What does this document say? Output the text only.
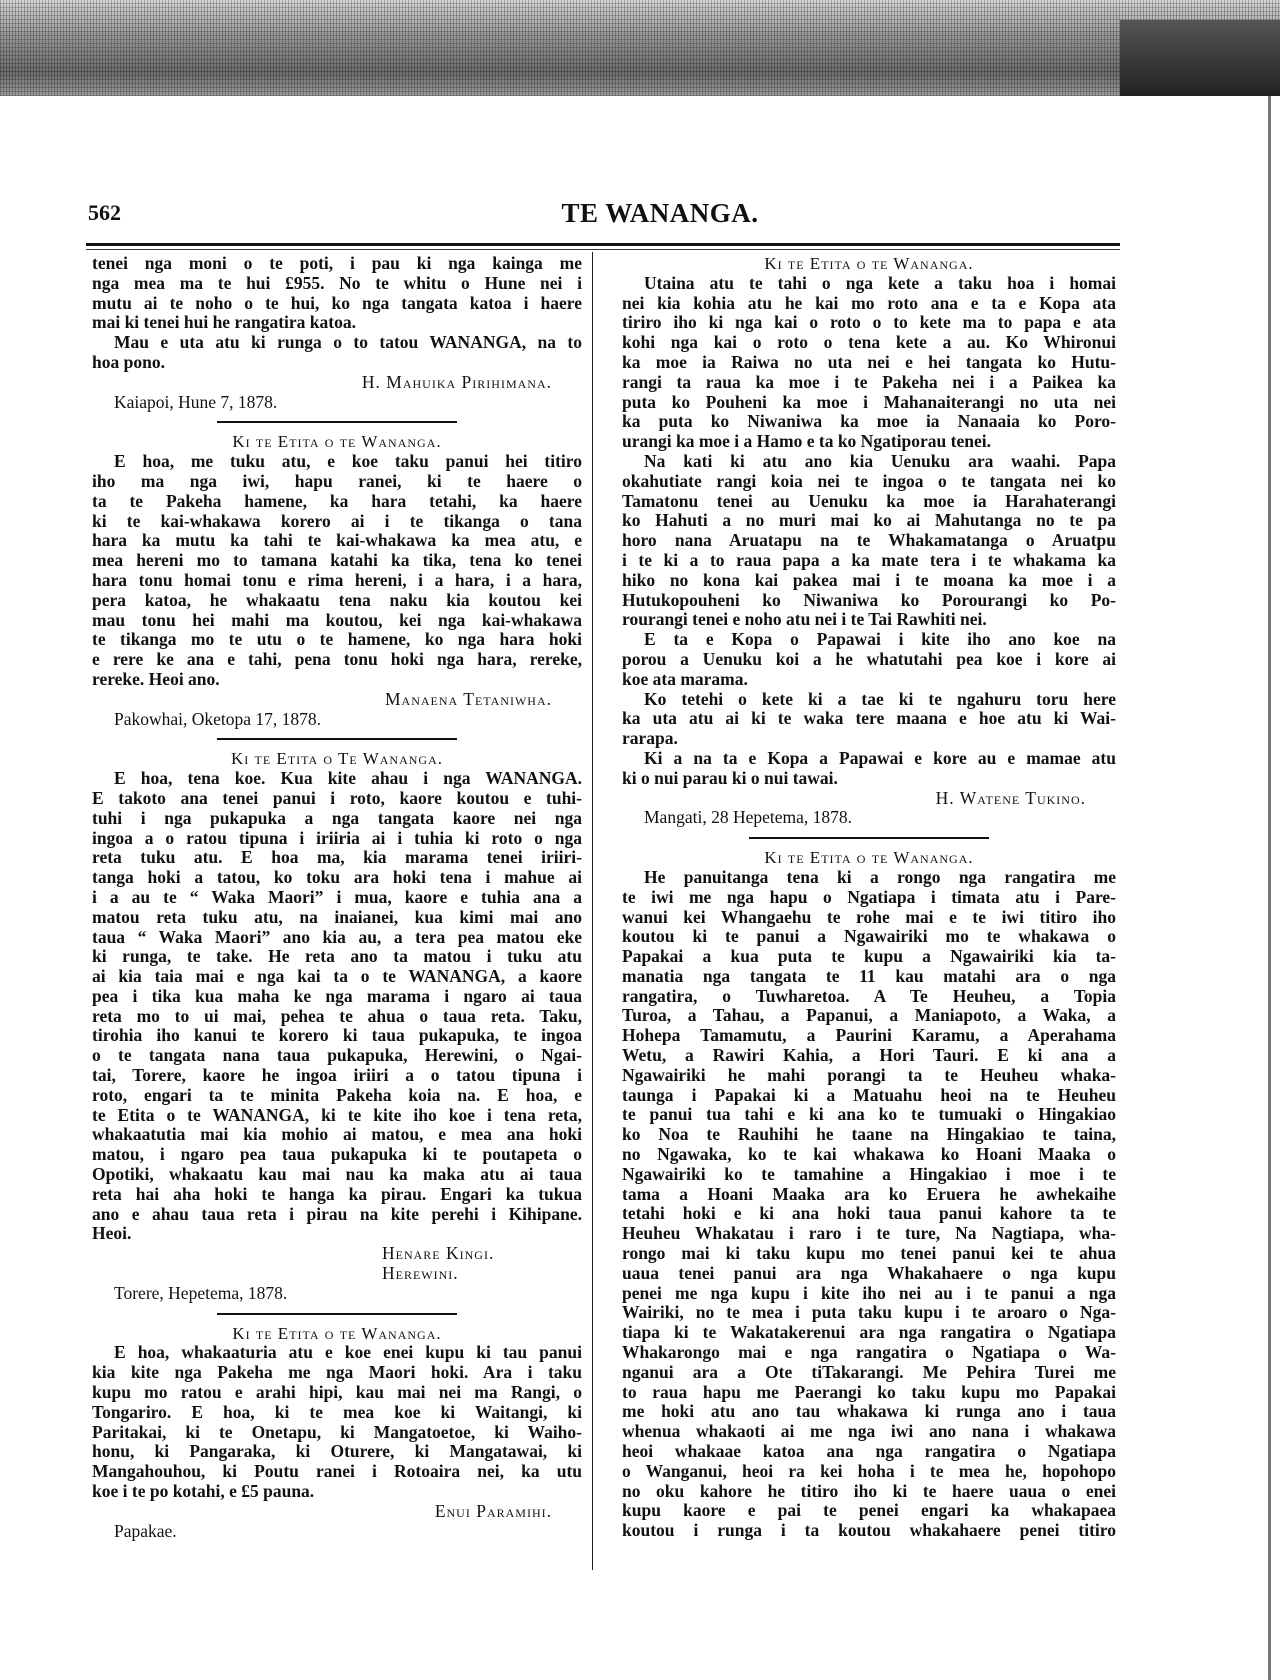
562	TE WANANGA.
tenei nga moni o te poti, i pau ki nga kainga me
nga mea ma te hui £955. No te whitu o Hune nei i
mutu ai te noho o te hui, ko nga tangata katoa i haere
mai ki tenei hui he rangatira katoa.
Mau e uta atu ki runga o to tatou WANANGA, na to
hoa pono.
H. Mahuika Pirihimana.
Kaiapoi, Hune 7, 1878.
Ki te Etita o te Wananga.
E hoa, me tuku atu, e koe taku panui hei titiro
iho ma nga iwi, hapu ranei, ki te haere o
ta te Pakeha hamene, ka hara tetahi, ka haere
ki te kai-whakawa korero ai i te tikanga o tana
hara ka mutu ka tahi te kai-whakawa ka mea atu, e
mea hereni mo to tamana katahi ka tika, tena ko tenei
hara tonu homai tonu e rima hereni, i a hara, i a hara,
pera katoa, he whakaatu tena naku kia koutou kei
mau tonu hei mahi ma koutou, kei nga kai-whakawa
te tikanga mo te utu o te hamene, ko nga hara hoki
e rere ke ana e tahi, pena tonu hoki nga hara, rereke,
rereke. Heoi ano.
Manaena Tetaniwha.
Pakowhai, Oketopa 17, 1878.
Ki te Etita o Te Wananga.
E hoa, tena koe. Kua kite ahau i nga WANANGA.
E takoto ana tenei panui i roto, kaore koutou e tuhi-
tuhi i nga pukapuka a nga tangata kaore nei nga
ingoa a o ratou tipuna i iriiria ai i tuhia ki roto o nga
reta tuku atu. E hoa ma, kia marama tenei iriiri-
tanga hoki a tatou, ko toku ara hoki tena i mahue ai
i a au te “ Waka Maori” i mua, kaore e tuhia ana a
matou reta tuku atu, na inaianei, kua kimi mai ano
taua “ Waka Maori” ano kia au, a tera pea matou eke
ki runga, te take. He reta ano ta matou i tuku atu
ai kia taia mai e nga kai ta o te WANANGA, a kaore
pea i tika kua maha ke nga marama i ngaro ai taua
reta mo to ui mai, pehea te ahua o taua reta. Taku,
tirohia iho kanui te korero ki taua pukapuka, te ingoa
o te tangata nana taua pukapuka, Herewini, o Ngai-
tai, Torere, kaore he ingoa iriiri a o tatou tipuna i
roto, engari ta te minita Pakeha koia na. E hoa, e
te Etita o te WANANGA, ki te kite iho koe i tena reta,
whakaatutia mai kia mohio ai matou, e mea ana hoki
matou, i ngaro pea taua pukapuka ki te poutapeta o
Opotiki, whakaatu kau mai nau ka maka atu ai taua
reta hai aha hoki te hanga ka pirau. Engari ka tukua
ano e ahau taua reta i pirau na kite perehi i Kihipane.
Heoi.
Henare Kingi.
Herewini.
Torere, Hepetema, 1878.
Ki te Etita o te Wananga.
E hoa, whakaaturia atu e koe enei kupu ki tau panui
kia kite nga Pakeha me nga Maori hoki. Ara i taku
kupu mo ratou e arahi hipi, kau mai nei ma Rangi, o
Tongariro. E hoa, ki te mea koe ki Waitangi, ki
Paritakai, ki te Onetapu, ki Mangatoetoe, ki Waiho-
honu, ki Pangaraka, ki Oturere, ki Mangatawai, ki
Mangahouhou, ki Poutu ranei i Rotoaira nei, ka utu
koe i te po kotahi, e £5 pauna.
Enui Paramihi.
Papakae.
Ki te Etita o te Wananga.
Utaina atu te tahi o nga kete a taku hoa i homai
nei kia kohia atu he kai mo roto ana e ta e Kopa ata
tiriro iho ki nga kai o roto o to kete ma to papa e ata
kohi nga kai o roto o tena kete a au. Ko Whironui
ka moe ia Raiwa no uta nei e hei tangata ko Hutu-
rangi ta raua ka moe i te Pakeha nei i a Paikea ka
puta ko Pouheni ka moe i Mahanaiterangi no uta nei
ka puta ko Niwaniwa ka moe ia Nanaaia ko Poro-
urangi ka moe i a Hamo e ta ko Ngatiporau tenei.
Na kati ki atu ano kia Uenuku ara waahi. Papa
okahutiate rangi koia nei te ingoa o te tangata nei ko
Tamatonu tenei au Uenuku ka moe ia Harahaterangi
ko Hahuti a no muri mai ko ai Mahutanga no te pa
horo nana Aruatapu na te Whakamatanga o Aruatpu
i te ki a to raua papa a ka mate tera i te whakama ka
hiko no kona kai pakea mai i te moana ka moe i a
Hutukopouheni ko Niwaniwa ko Porourangi ko Po-
rourangi tenei e noho atu nei i te Tai Rawhiti nei.
E ta e Kopa o Papawai i kite iho ano koe na
porou a Uenuku koi a he whatutahi pea koe i kore ai
koe ata marama.
Ko tetehi o kete ki a tae ki te ngahuru toru here
ka uta atu ai ki te waka tere maana e hoe atu ki Wai-
rarapa.
Ki a na ta e Kopa a Papawai e kore au e mamae atu
ki o nui parau ki o nui tawai.
H. Watene Tukino.
Mangati, 28 Hepetema, 1878.
Ki te Etita o te Wananga.
He panuitanga tena ki a rongo nga rangatira me
te iwi me nga hapu o Ngatiapa i timata atu i Pare-
wanui kei Whangaehu te rohe mai e te iwi titiro iho
koutou ki te panui a Ngawairiki mo te whakawa o
Papakai a kua puta te kupu a Ngawairiki kia ta-
manatia nga tangata te 11 kau matahi ara o nga
rangatira, o Tuwharetoa. A Te Heuheu, a Topia
Turoa, a Tahau, a Papanui, a Maniapoto, a Waka, a
Hohepa Tamamutu, a Paurini Karamu, a Aperahama
Wetu, a Rawiri Kahia, a Hori Tauri. E ki ana a
Ngawairiki he mahi porangi ta te Heuheu whaka-
taunga i Papakai ki a Matuahu heoi na te Heuheu
te panui tua tahi e ki ana ko te tumuaki o Hingakiao
ko Noa te Rauhihi he taane na Hingakiao te taina,
no Ngawaka, ko te kai whakawa ko Hoani Maaka o
Ngawairiki ko te tamahine a Hingakiao i moe i te
tama a Hoani Maaka ara ko Eruera he awhekaihe
tetahi hoki e ki ana hoki taua panui kahore ta te
Heuheu Whakatau i raro i te ture, Na Nagtiapa, wha-
rongo mai ki taku kupu mo tenei panui kei te ahua
uaua tenei panui ara nga Whakahaere o nga kupu
penei me nga kupu i kite iho nei au i te panui a nga
Wairiki, no te mea i puta taku kupu i te aroaro o Nga-
tiapa ki te Wakatakerenui ara nga rangatira o Ngatiapa
Whakarongo mai e nga rangatira o Ngatiapa o Wa-
nganui ara a Ote tiTakarangi. Me Pehira Turei me
to raua hapu me Paerangi ko taku kupu mo Papakai
me hoki atu ano tau whakawa ki runga ano i taua
whenua whakaoti ai me nga iwi ano nana i whakawa
heoi whakaae katoa ana nga rangatira o Ngatiapa
o Wanganui, heoi ra kei hoha i te mea he, hopohopo
no oku kahore he titiro iho ki te haere uaua o enei
kupu kaore e pai te penei engari ka whakapaea
koutou i runga i ta koutou whakahaere penei titiro
